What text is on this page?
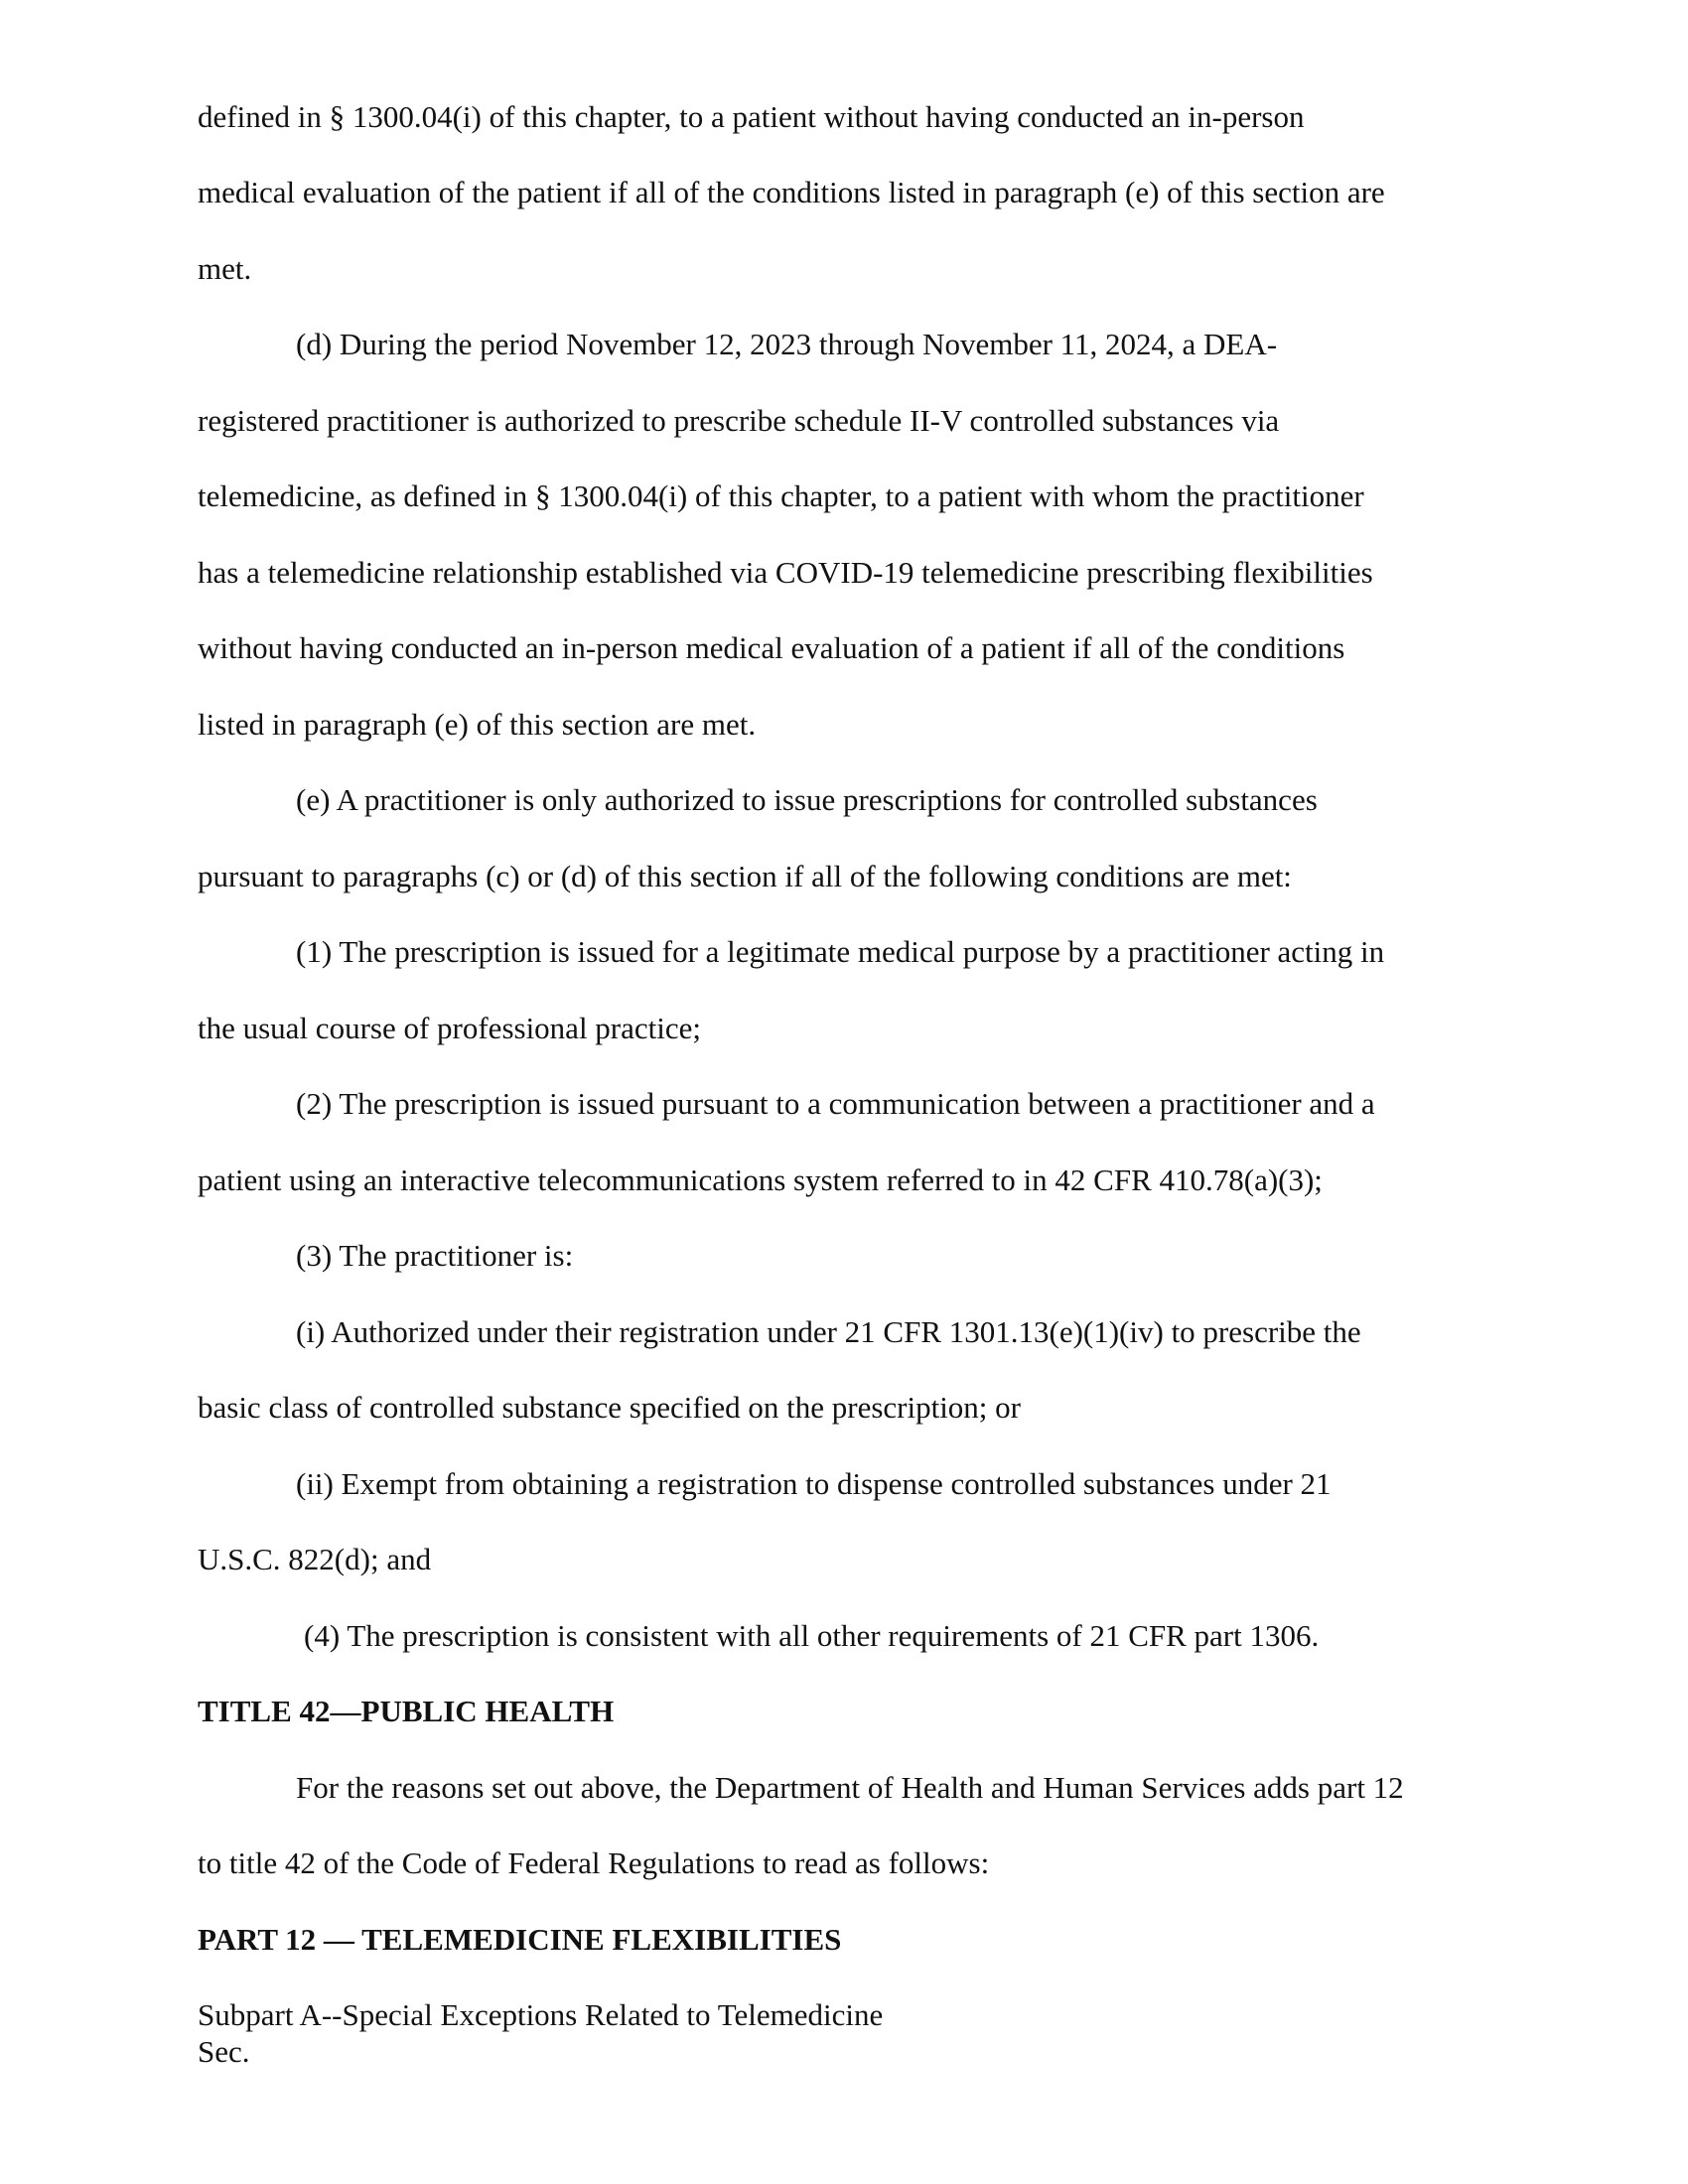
defined in § 1300.04(i) of this chapter, to a patient without having conducted an in-person
medical evaluation of the patient if all of the conditions listed in paragraph (e) of this section are
met.
(d) During the period November 12, 2023 through November 11, 2024, a DEA-
registered practitioner is authorized to prescribe schedule II-V controlled substances via
telemedicine, as defined in § 1300.04(i) of this chapter, to a patient with whom the practitioner
has a telemedicine relationship established via COVID-19 telemedicine prescribing flexibilities
without having conducted an in-person medical evaluation of a patient if all of the conditions
listed in paragraph (e) of this section are met.
(e) A practitioner is only authorized to issue prescriptions for controlled substances
pursuant to paragraphs (c) or (d) of this section if all of the following conditions are met:
(1) The prescription is issued for a legitimate medical purpose by a practitioner acting in
the usual course of professional practice;
(2) The prescription is issued pursuant to a communication between a practitioner and a
patient using an interactive telecommunications system referred to in 42 CFR 410.78(a)(3);
(3) The practitioner is:
(i) Authorized under their registration under 21 CFR 1301.13(e)(1)(iv) to prescribe the
basic class of controlled substance specified on the prescription; or
(ii) Exempt from obtaining a registration to dispense controlled substances under 21
U.S.C. 822(d); and
(4) The prescription is consistent with all other requirements of 21 CFR part 1306.
TITLE 42—PUBLIC HEALTH
For the reasons set out above, the Department of Health and Human Services adds part 12
to title 42 of the Code of Federal Regulations to read as follows:
PART 12 — TELEMEDICINE FLEXIBILITIES
Subpart A--Special Exceptions Related to Telemedicine
Sec.
